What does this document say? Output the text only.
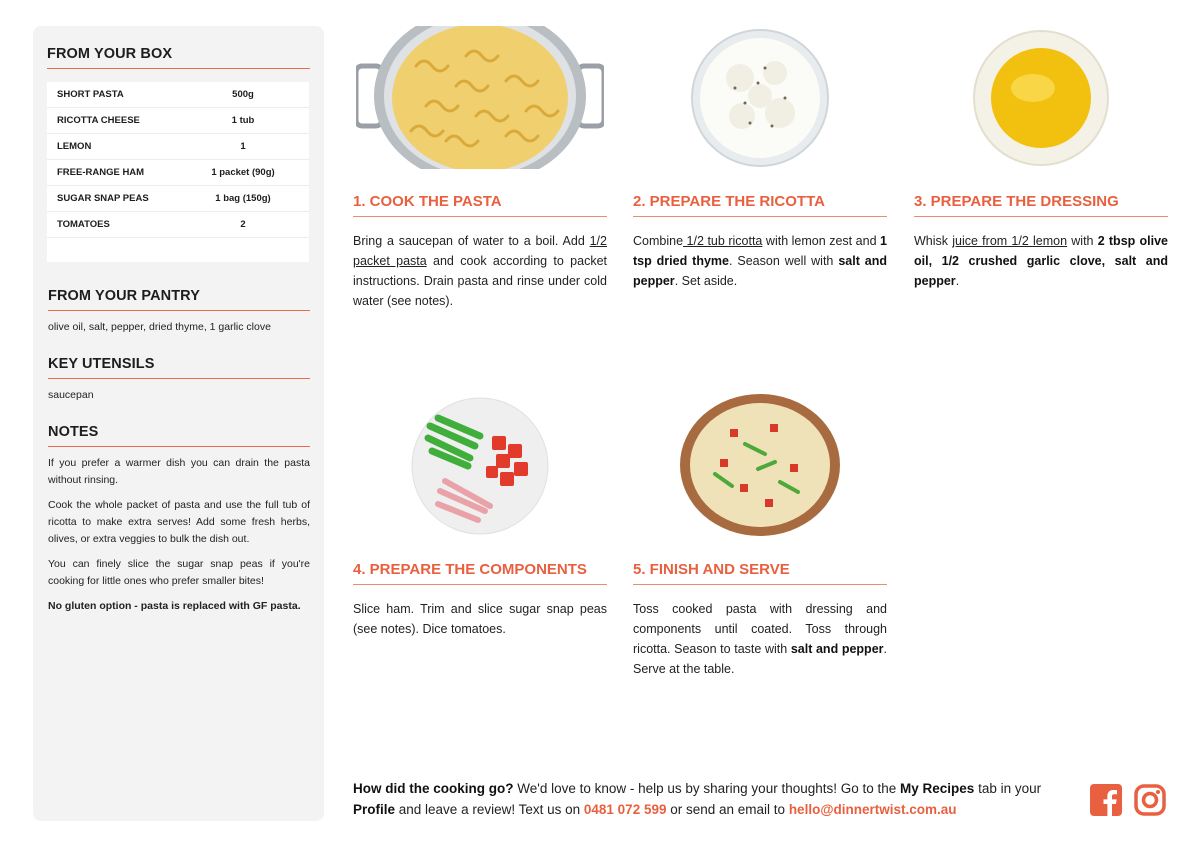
FROM YOUR BOX
SHORT PASTA	500g
RICOTTA CHEESE	1 tub
LEMON	1
FREE-RANGE HAM	1 packet (90g)
SUGAR SNAP PEAS	1 bag (150g)
TOMATOES	2
FROM YOUR PANTRY
olive oil, salt, pepper, dried thyme, 1 garlic clove
KEY UTENSILS
saucepan
NOTES
If you prefer a warmer dish you can drain the pasta without rinsing.
Cook the whole packet of pasta and use the full tub of ricotta to make extra serves! Add some fresh herbs, olives, or extra veggies to bulk the dish out.
You can finely slice the sugar snap peas if you're cooking for little ones who prefer smaller bites!
No gluten option - pasta is replaced with GF pasta.
1. COOK THE PASTA
Bring a saucepan of water to a boil. Add 1/2 packet pasta and cook according to packet instructions. Drain pasta and rinse under cold water (see notes).
2. PREPARE THE RICOTTA
Combine 1/2 tub ricotta with lemon zest and 1 tsp dried thyme. Season well with salt and pepper. Set aside.
3. PREPARE THE DRESSING
Whisk juice from 1/2 lemon with 2 tbsp olive oil, 1/2 crushed garlic clove, salt and pepper.
4. PREPARE THE COMPONENTS
Slice ham. Trim and slice sugar snap peas (see notes). Dice tomatoes.
5. FINISH AND SERVE
Toss cooked pasta with dressing and components until coated. Toss through ricotta. Season to taste with salt and pepper. Serve at the table.
How did the cooking go? We'd love to know - help us by sharing your thoughts! Go to the My Recipes tab in your Profile and leave a review! Text us on 0481 072 599 or send an email to hello@dinnertwist.com.au
